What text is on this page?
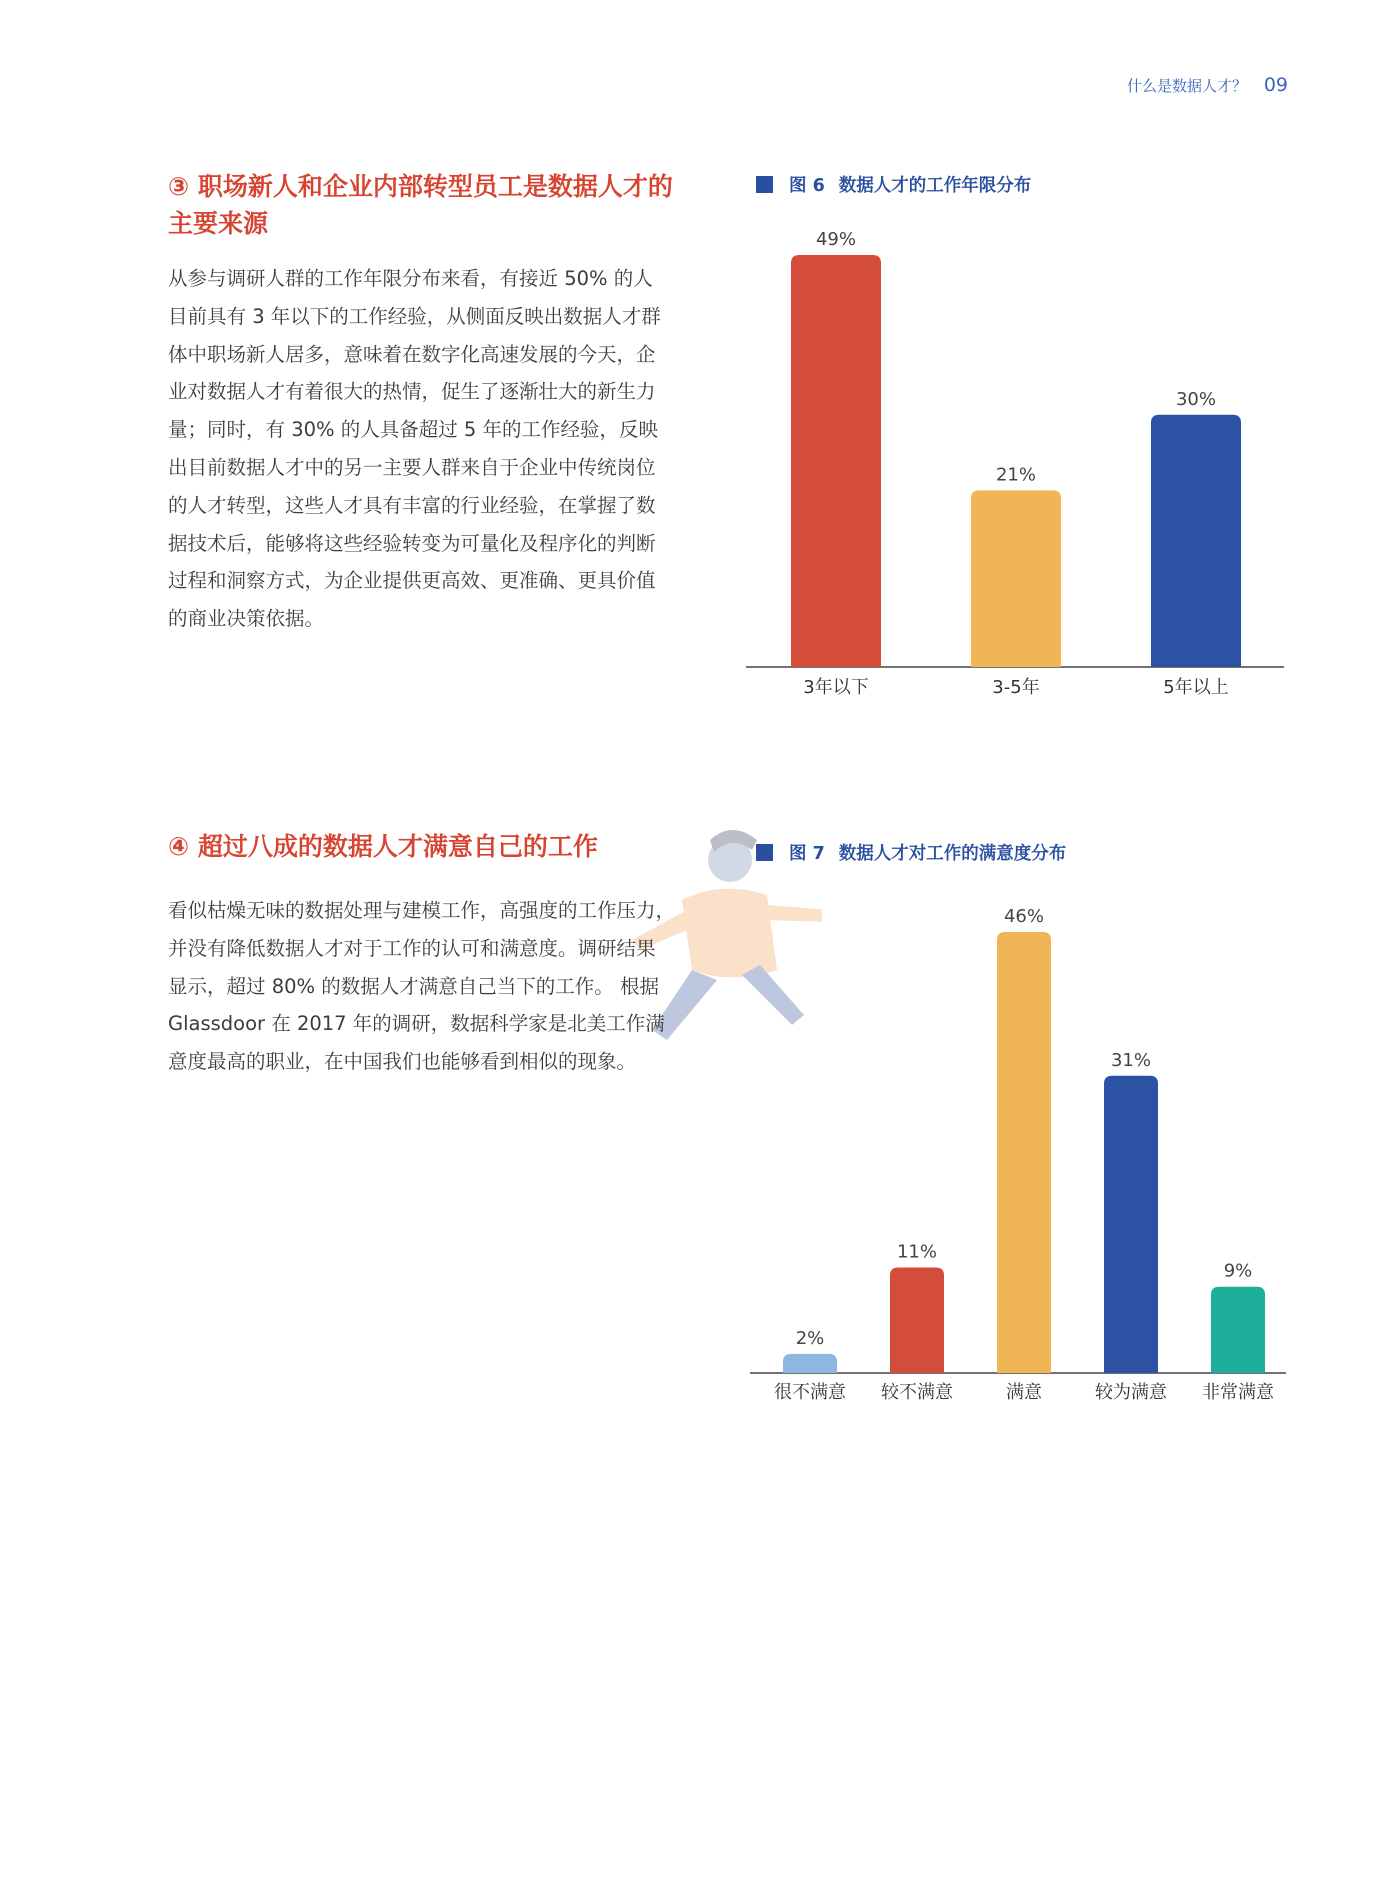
什么是数据人才？ 09
③ 职场新人和企业内部转型员工是数据人才的
主要来源
从参与调研人群的工作年限分布来看，有接近 50% 的人
目前具有 3 年以下的工作经验，从侧面反映出数据人才群
体中职场新人居多，意味着在数字化高速发展的今天，企
业对数据人才有着很大的热情，促生了逐渐壮大的新生力
量；同时，有 30% 的人具备超过 5 年的工作经验，反映
出目前数据人才中的另一主要人群来自于企业中传统岗位
的人才转型，这些人才具有丰富的行业经验，在掌握了数
据技术后，能够将这些经验转变为可量化及程序化的判断
过程和洞察方式，为企业提供更高效、更准确、更具价值
的商业决策依据。
图 6 数据人才的工作年限分布
49%
3年以下
21%
3-5年
30%
5年以上
④ 超过八成的数据人才满意自己的工作
看似枯燥无味的数据处理与建模工作，高强度的工作压力，
并没有降低数据人才对于工作的认可和满意度。调研结果
显示，超过 80% 的数据人才满意自己当下的工作。 根据
Glassdoor 在 2017 年的调研，数据科学家是北美工作满
意度最高的职业，在中国我们也能够看到相似的现象。
图 7 数据人才对工作的满意度分布
2%
很不满意
11%
较不满意
46%
满意
31%
较为满意
9%
非常满意
